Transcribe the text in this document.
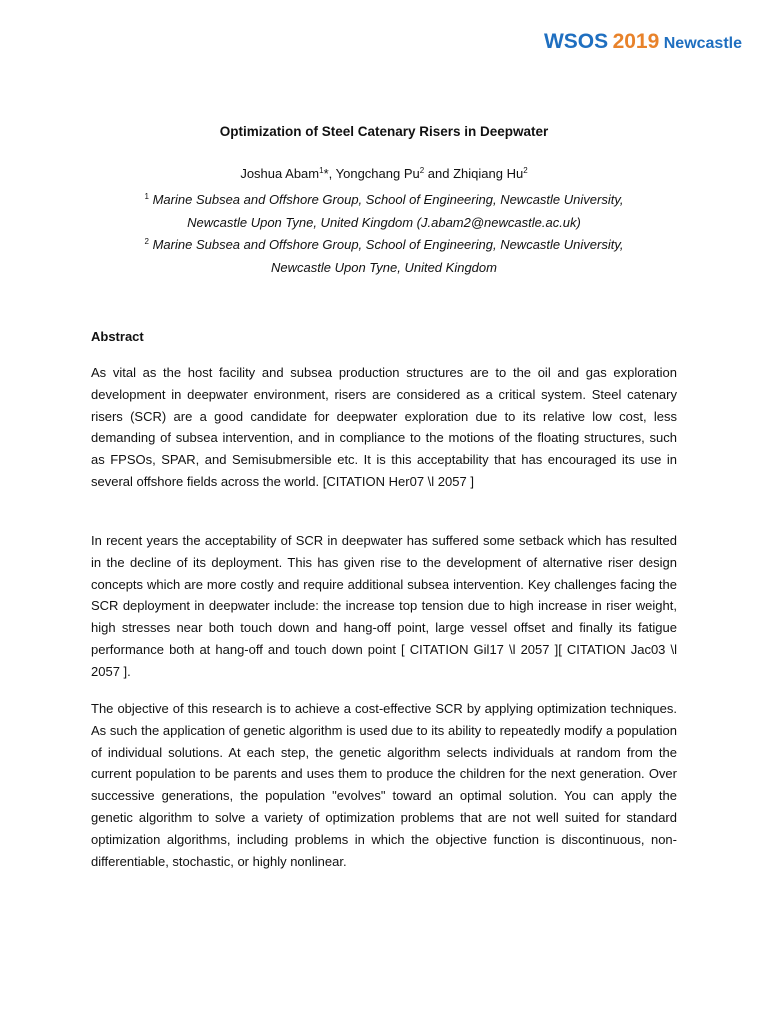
WSOS 2019 Newcastle
Optimization of Steel Catenary Risers in Deepwater
Joshua Abam$^1$*, Yongchang Pu$^2$ and Zhiqiang Hu$^2$
$^1$ Marine Subsea and Offshore Group, School of Engineering, Newcastle University,
Newcastle Upon Tyne, United Kingdom (J.abam2@newcastle.ac.uk)
$^2$ Marine Subsea and Offshore Group, School of Engineering, Newcastle University,
Newcastle Upon Tyne, United Kingdom
Abstract

As vital as the host facility and subsea production structures are to the oil and gas exploration development in deepwater environment, risers are considered as a critical system. Steel catenary risers (SCR) are a good candidate for deepwater exploration due to its relative low cost, less demanding of subsea intervention, and in compliance to the motions of the floating structures, such as FPSOs, SPAR, and Semisubmersible etc. It is this acceptability that has encouraged its use in several offshore fields across the world. [CITATION Her07 \l 2057 ]

In recent years the acceptability of SCR in deepwater has suffered some setback which has resulted in the decline of its deployment. This has given rise to the development of alternative riser design concepts which are more costly and require additional subsea intervention. Key challenges facing the SCR deployment in deepwater include: the increase top tension due to high increase in riser weight, high stresses near both touch down and hang-off point, large vessel offset and finally its fatigue performance both at hang-off and touch down point [ CITATION Gil17 \l 2057 ][ CITATION Jac03 \l 2057 ].

The objective of this research is to achieve a cost-effective SCR by applying optimization techniques. As such the application of genetic algorithm is used due to its ability to repeatedly modify a population of individual solutions. At each step, the genetic algorithm selects individuals at random from the current population to be parents and uses them to produce the children for the next generation. Over successive generations, the population "evolves" toward an optimal solution. You can apply the genetic algorithm to solve a variety of optimization problems that are not well suited for standard optimization algorithms, including problems in which the objective function is discontinuous, non-differentiable, stochastic, or highly nonlinear.
